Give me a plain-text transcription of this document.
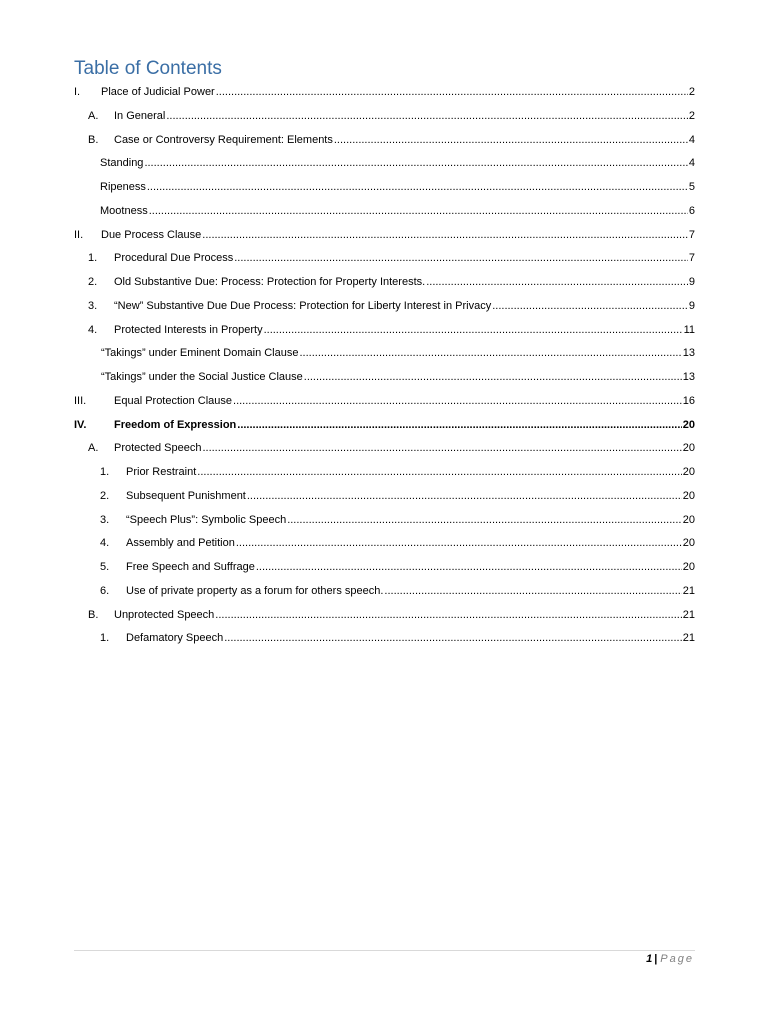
Table of Contents
I.	Place of Judicial Power .....	2
A.	In General .....	2
B.	Case or Controversy Requirement: Elements .....	4
Standing .....	4
Ripeness .....	5
Mootness .....	6
II.	Due Process Clause .....	7
1.	Procedural Due Process .....	7
2.	Old Substantive Due: Process: Protection for Property Interests. .....	9
3.	“New” Substantive Due Due Process: Protection for Liberty Interest in Privacy .....	9
4.	Protected Interests in Property .....	11
“Takings” under Eminent Domain Clause .....	13
“Takings” under the Social Justice Clause .....	13
III.	Equal Protection Clause .....	16
IV.	Freedom of Expression .....	20
A.	Protected Speech .....	20
1.	Prior Restraint .....	20
2.	Subsequent Punishment .....	20
3.	“Speech Plus”: Symbolic Speech .....	20
4.	Assembly and Petition .....	20
5.	Free Speech and Suffrage .....	20
6.	Use of private property as a forum for others speech. .....	21
B.	Unprotected Speech .....	21
1.	Defamatory Speech .....	21
1 | Page
